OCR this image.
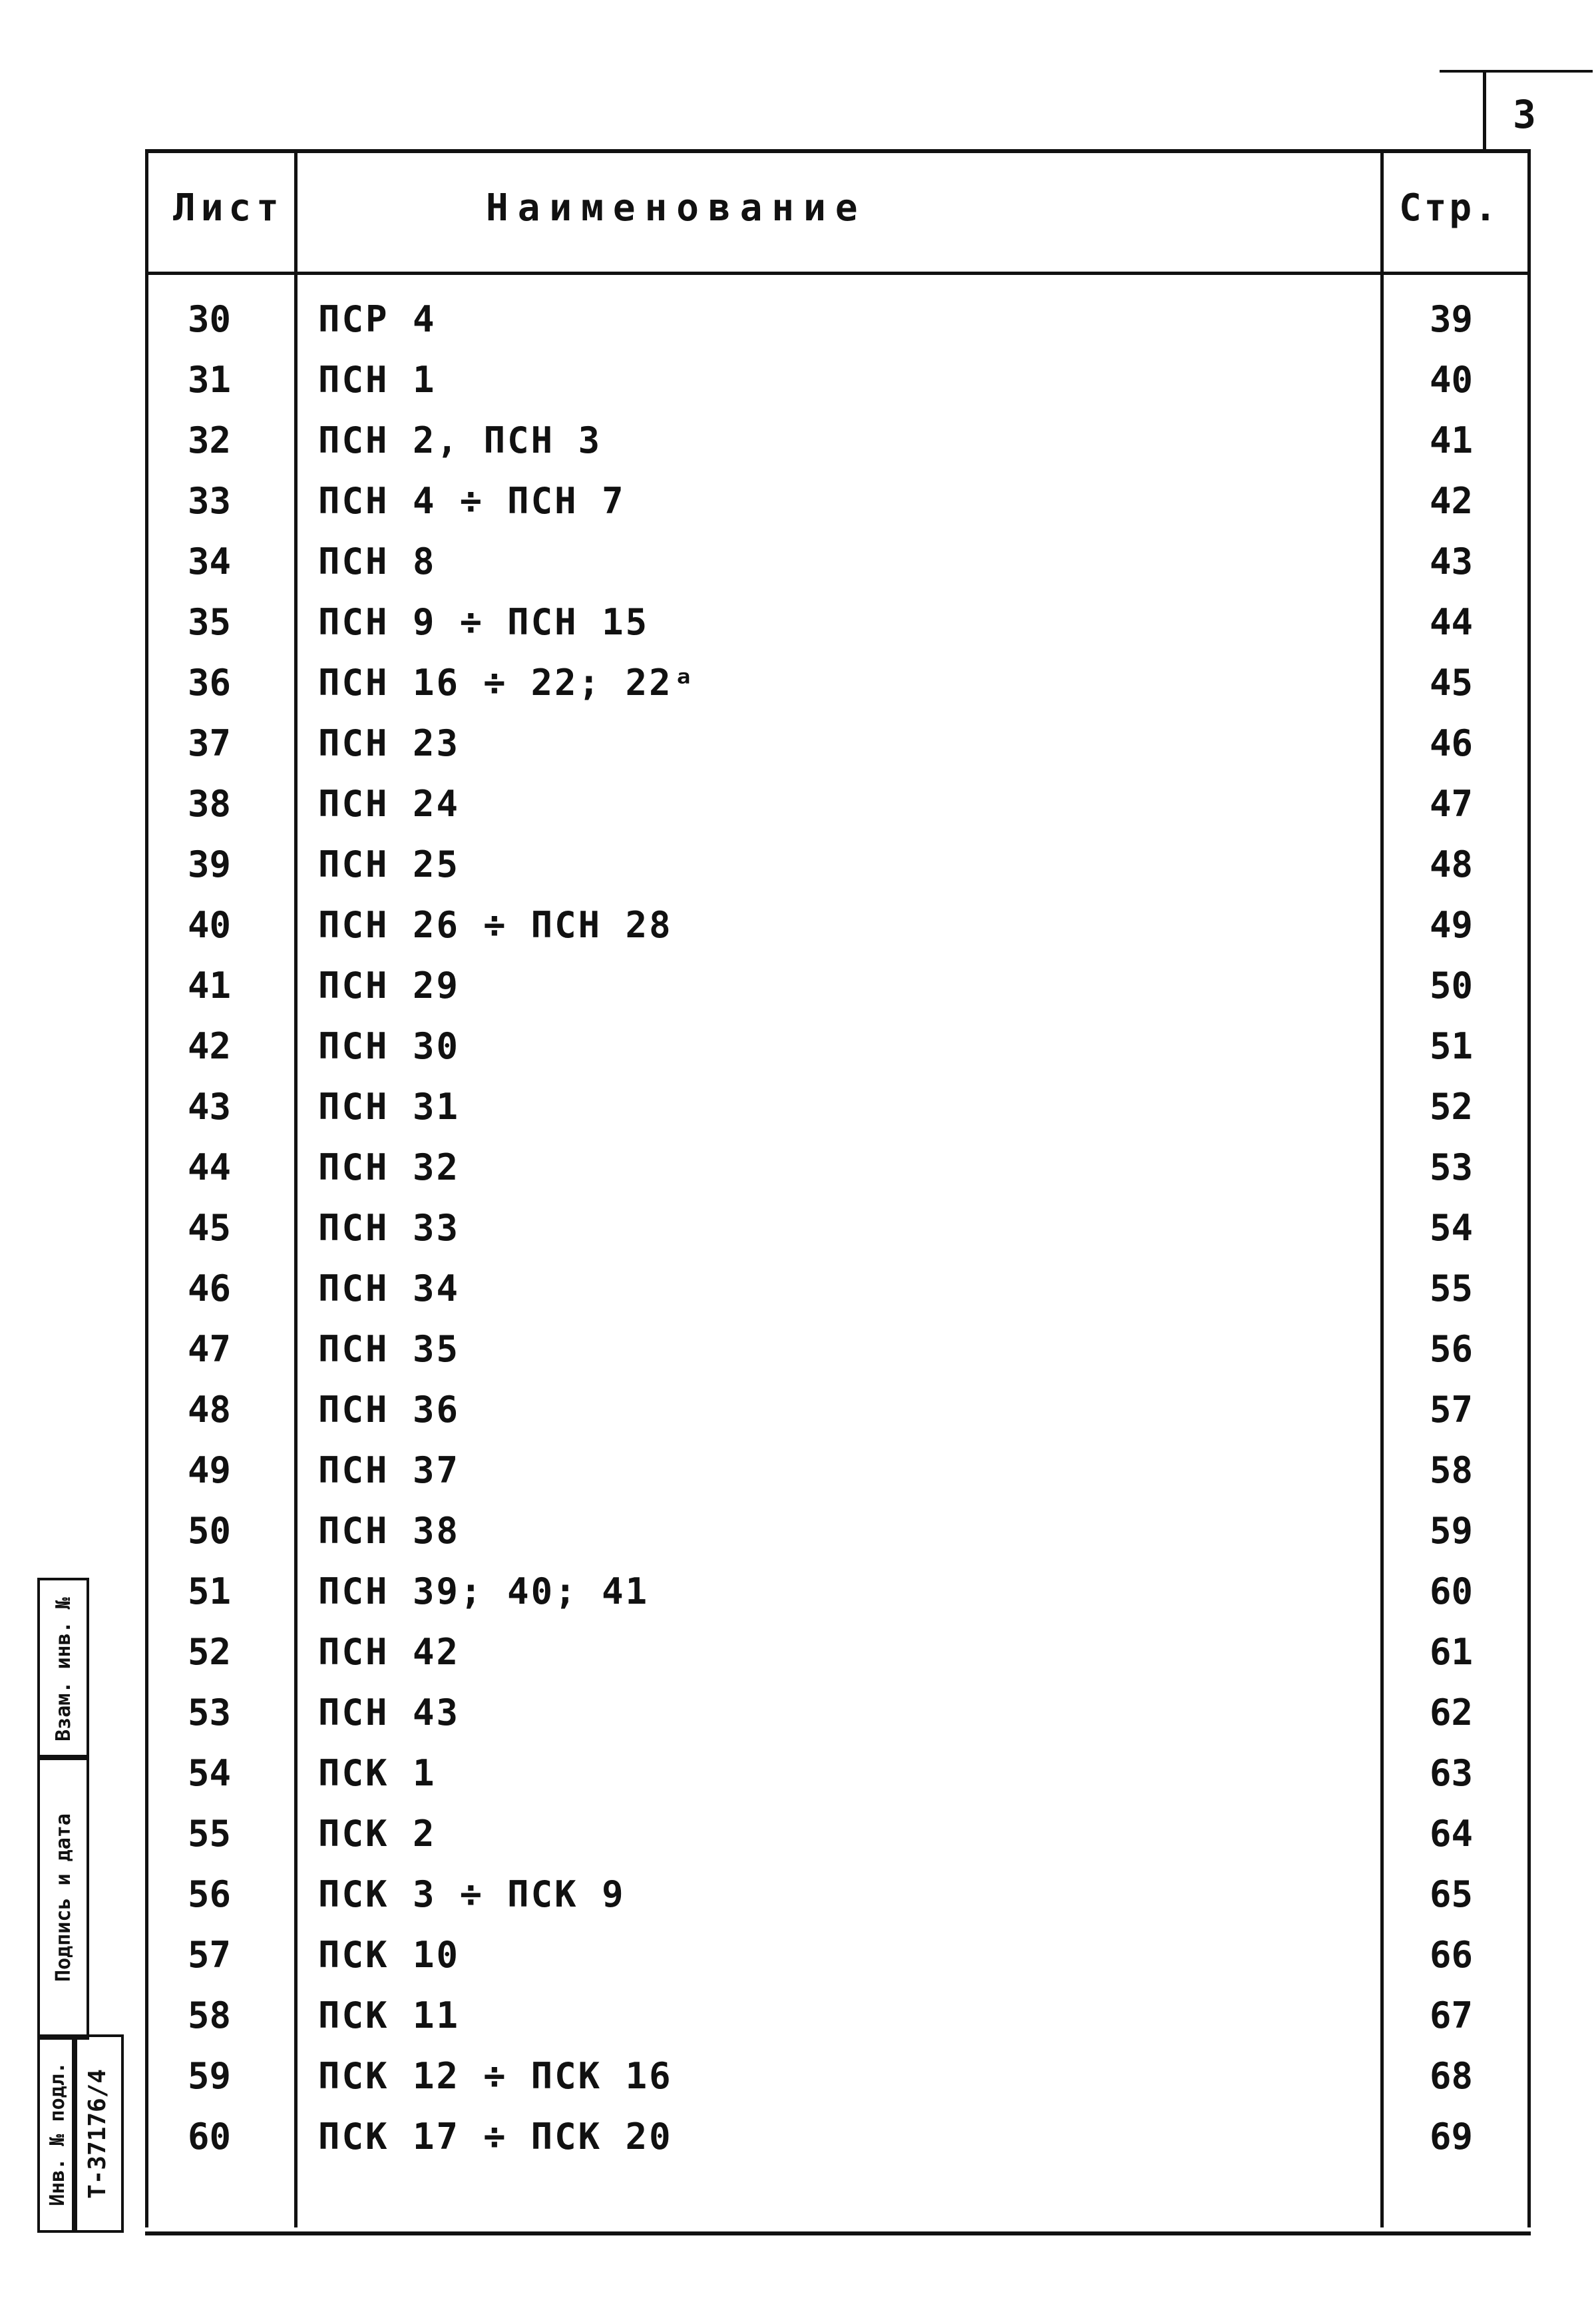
3
Лист	Наименование	Стр.
30 ПСР 4	39
31 ПСН 1	40
32 ПСН 2, ПСН 3	41
33 ПСН 4 ÷ ПСН 7	42
34 ПСН 8	43
35 ПСН 9 ÷ ПСН 15	44
36 ПСН 16 ÷ 22; 22ᵃ	45
37 ПСН 23	46
38 ПСН 24	47
39 ПСН 25	48
40 ПСН 26 ÷ ПСН 28	49
41 ПСН 29	50
42 ПСН 30	51
43 ПСН 31	52
44 ПСН 32	53
45 ПСН 33	54
46 ПСН 34	55
47 ПСН 35	56
48 ПСН 36	57
49 ПСН 37	58
50 ПСН 38	59
51 ПСН 39; 40; 41	60
52 ПСН 42	61
53 ПСН 43	62
54 ПСК 1	63
55 ПСК 2	64
56 ПСК 3 ÷ ПСК 9	65
57 ПСК 10	66
58 ПСК 11	67
59 ПСК 12 ÷ ПСК 16	68
60 ПСК 17 ÷ ПСК 20	69
Взам. инв. №
Подпись и дата
Инв. № подл. Т-37176/4
